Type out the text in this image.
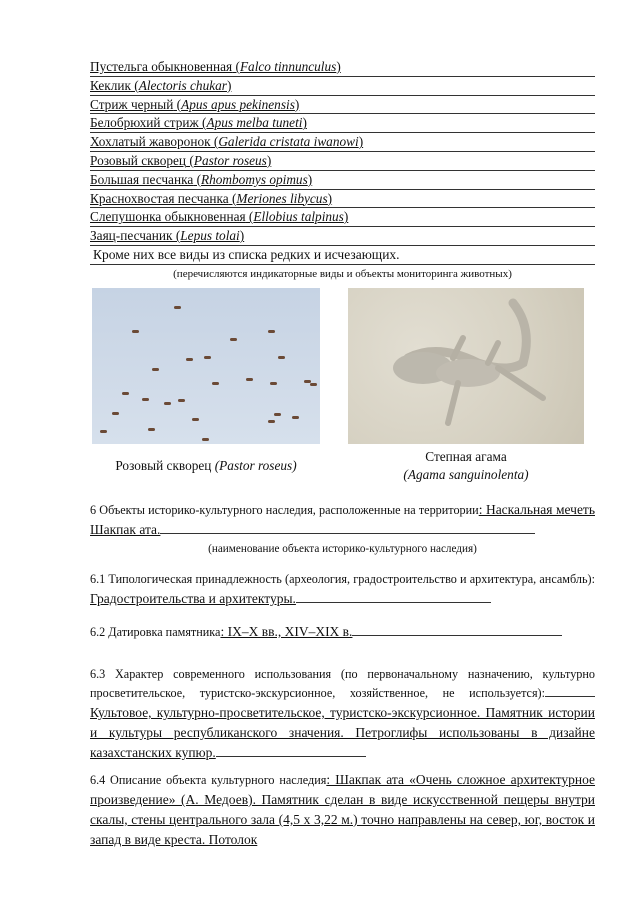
Пустельга обыкновенная (Falco tinnunculus)
Кеклик (Alectoris chukar)
Стриж черный (Apus apus pekinensis)
Белобрюхий стриж (Apus melba tuneti)
Хохлатый жаворонок (Galerida cristata iwanowi)
Розовый скворец (Pastor roseus)
Большая песчанка (Rhombomys opimus)
Краснохвостая песчанка (Meriones libycus)
Слепушонка обыкновенная (Ellobius talpinus)
Заяц-песчаник (Lepus tolai)
Кроме них все виды из списка редких и исчезающих.
(перечисляются индикаторные виды и объекты мониторинга животных)
Розовый скворец (Pastor roseus)
Степная агама
(Agama sanguinolenta)
6 Объекты историко-культурного наследия, расположенные на территории: Наскальная мечеть Шакпак ата.
(наименование объекта историко-культурного наследия)
6.1 Типологическая принадлежность (археология, градостроительство и архитектура, ансамбль): Градостроительства и архитектуры.
6.2 Датировка памятника: IX–X вв., XIV–XIX в.
6.3 Характер современного использования (по первоначальному назначению, культурно просветительское, туристско-экскурсионное, хозяйственное, не используется): Культовое, культурно-просветительское, туристско-экскурсионное. Памятник истории и культуры республиканского значения. Петроглифы использованы в дизайне казахстанских купюр.
6.4 Описание объекта культурного наследия: Шакпак ата «Очень сложное архитектурное произведение» (А. Медоев). Памятник сделан в виде искусственной пещеры внутри скалы, стены центрального зала (4,5 х 3,22 м.) точно направлены на север, юг, восток и запад в виде креста. Потолок
